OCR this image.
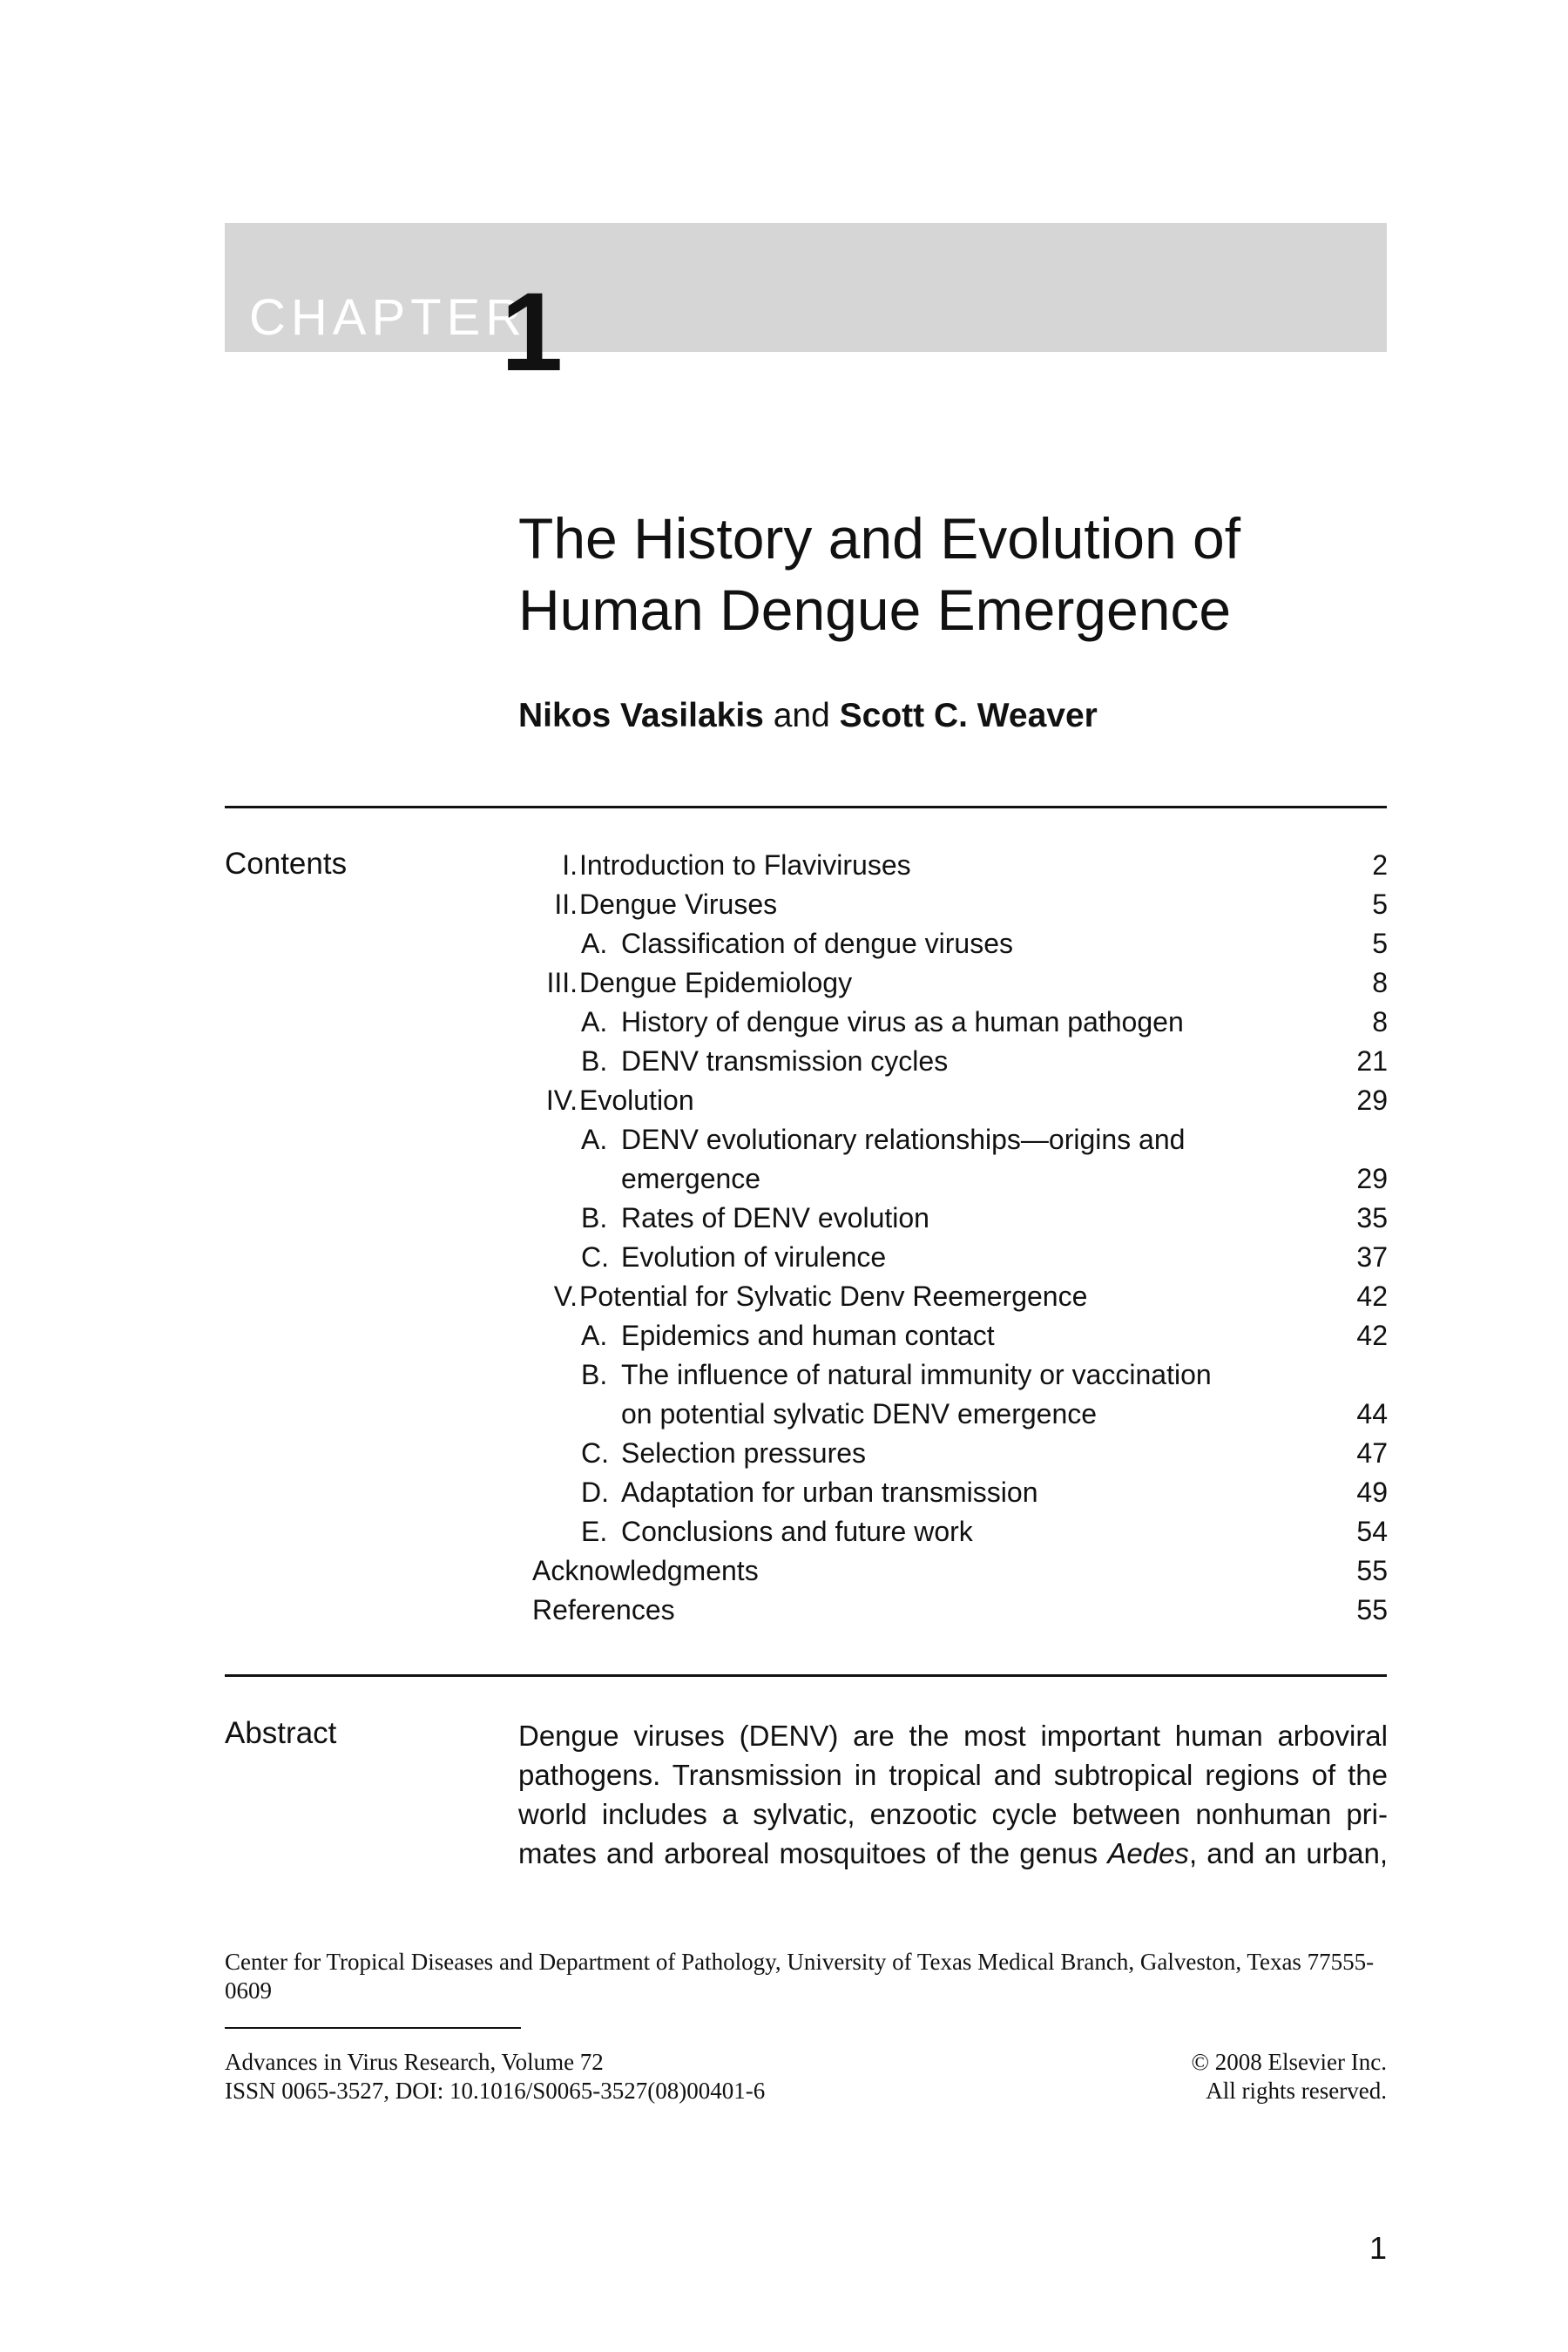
CHAPTER
1
The History and Evolution of
Human Dengue Emergence
Nikos Vasilakis and Scott C. Weaver
Contents	I. Introduction to Flaviviruses	2
II. Dengue Viruses	5
A. Classification of dengue viruses	5
III. Dengue Epidemiology	8
A. History of dengue virus as a human pathogen	8
B. DENV transmission cycles	21
IV. Evolution	29
A. DENV evolutionary relationships—origins and
emergence	29
B. Rates of DENV evolution	35
C. Evolution of virulence	37
V. Potential for Sylvatic Denv Reemergence	42
A. Epidemics and human contact	42
B. The influence of natural immunity or vaccination
on potential sylvatic DENV emergence	44
C. Selection pressures	47
D. Adaptation for urban transmission	49
E. Conclusions and future work	54
Acknowledgments	55
References	55
Abstract	Dengue viruses (DENV) are the most important human arboviral
pathogens. Transmission in tropical and subtropical regions of the
world includes a sylvatic, enzootic cycle between nonhuman pri-
mates and arboreal mosquitoes of the genus Aedes, and an urban,
Center for Tropical Diseases and Department of Pathology, University of Texas Medical Branch, Galveston, Texas 77555-0609
Advances in Virus Research, Volume 72
ISSN 0065-3527, DOI: 10.1016/S0065-3527(08)00401-6
© 2008 Elsevier Inc.
All rights reserved.
1
